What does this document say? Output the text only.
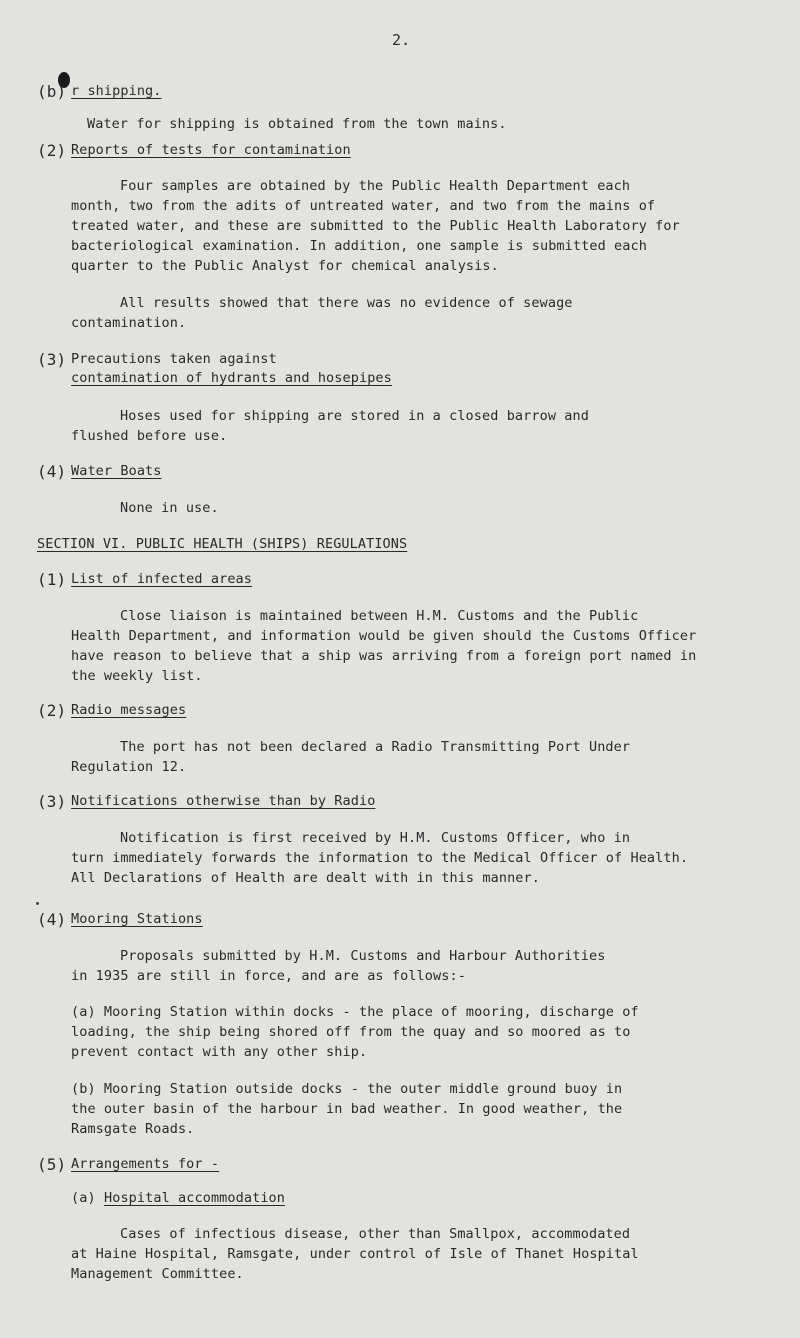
2.
(b) r shipping.
Water for shipping is obtained from the town mains.
(2) Reports of tests for contamination
Four samples are obtained by the Public Health Department each
month, two from the adits of untreated water, and two from the mains of
treated water, and these are submitted to the Public Health Laboratory for
bacteriological examination. In addition, one sample is submitted each
quarter to the Public Analyst for chemical analysis.
All results showed that there was no evidence of sewage
contamination.
(3) Precautions taken against
contamination of hydrants and hosepipes
Hoses used for shipping are stored in a closed barrow and
flushed before use.
(4) Water Boats
None in use.
SECTION VI. PUBLIC HEALTH (SHIPS) REGULATIONS
(1) List of infected areas
Close liaison is maintained between H.M. Customs and the Public
Health Department, and information would be given should the Customs Officer
have reason to believe that a ship was arriving from a foreign port named in
the weekly list.
(2) Radio messages
The port has not been declared a Radio Transmitting Port Under
Regulation 12.
(3) Notifications otherwise than by Radio
Notification is first received by H.M. Customs Officer, who in
turn immediately forwards the information to the Medical Officer of Health.
All Declarations of Health are dealt with in this manner.
(4) Mooring Stations
Proposals submitted by H.M. Customs and Harbour Authorities
in 1935 are still in force, and are as follows:-
(a) Mooring Station within docks - the place of mooring, discharge of
loading, the ship being shored off from the quay and so moored as to
prevent contact with any other ship.
(b) Mooring Station outside docks - the outer middle ground buoy in
the outer basin of the harbour in bad weather. In good weather, the
Ramsgate Roads.
(5) Arrangements for -
(a) Hospital accommodation
Cases of infectious disease, other than Smallpox, accommodated
at Haine Hospital, Ramsgate, under control of Isle of Thanet Hospital
Management Committee.
